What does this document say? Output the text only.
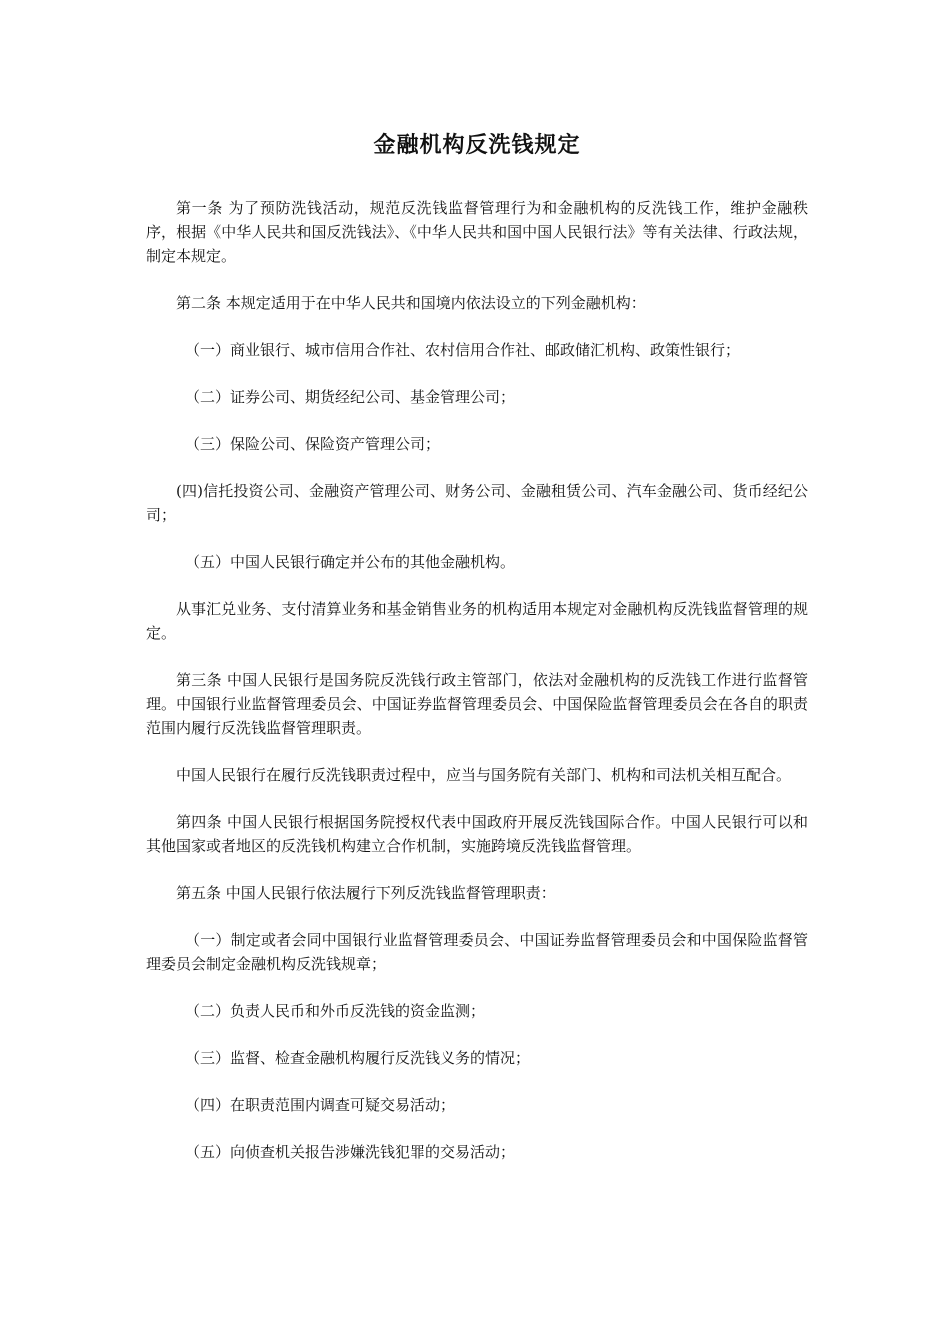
金融机构反洗钱规定

第一条 为了预防洗钱活动，规范反洗钱监督管理行为和金融机构的反洗钱工作，维护金融秩序，根据《中华人民共和国反洗钱法》、《中华人民共和国中国人民银行法》等有关法律、行政法规，制定本规定。

第二条 本规定适用于在中华人民共和国境内依法设立的下列金融机构：

（一）商业银行、城市信用合作社、农村信用合作社、邮政储汇机构、政策性银行；

（二）证券公司、期货经纪公司、基金管理公司；

（三）保险公司、保险资产管理公司；

(四)信托投资公司、金融资产管理公司、财务公司、金融租赁公司、汽车金融公司、货币经纪公司；

（五）中国人民银行确定并公布的其他金融机构。

从事汇兑业务、支付清算业务和基金销售业务的机构适用本规定对金融机构反洗钱监督管理的规定。

第三条 中国人民银行是国务院反洗钱行政主管部门，依法对金融机构的反洗钱工作进行监督管理。中国银行业监督管理委员会、中国证券监督管理委员会、中国保险监督管理委员会在各自的职责范围内履行反洗钱监督管理职责。

中国人民银行在履行反洗钱职责过程中，应当与国务院有关部门、机构和司法机关相互配合。

第四条 中国人民银行根据国务院授权代表中国政府开展反洗钱国际合作。中国人民银行可以和其他国家或者地区的反洗钱机构建立合作机制，实施跨境反洗钱监督管理。

第五条 中国人民银行依法履行下列反洗钱监督管理职责：

（一）制定或者会同中国银行业监督管理委员会、中国证券监督管理委员会和中国保险监督管理委员会制定金融机构反洗钱规章；

（二）负责人民币和外币反洗钱的资金监测；

（三）监督、检查金融机构履行反洗钱义务的情况；

（四）在职责范围内调查可疑交易活动；

（五）向侦查机关报告涉嫌洗钱犯罪的交易活动；
